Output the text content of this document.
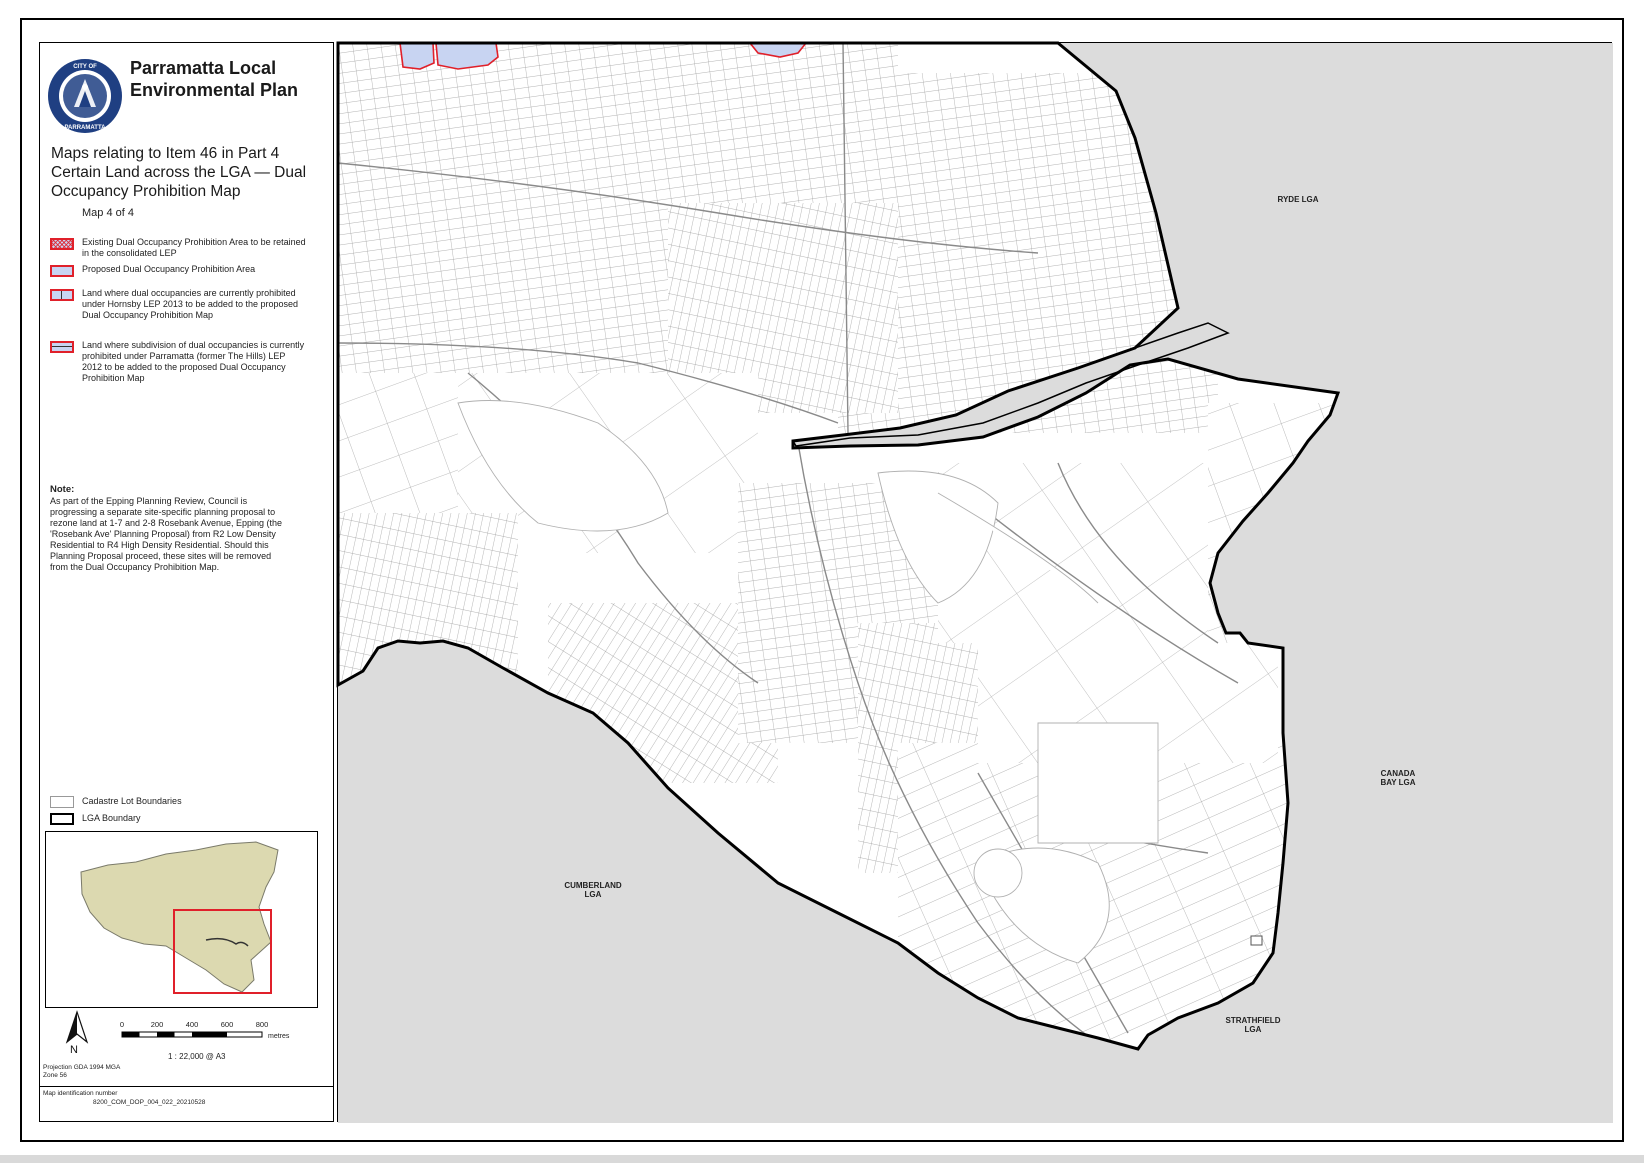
CITY OF
PARRAMATTA
Parramatta Local Environmental Plan
Maps relating to Item 46 in Part 4 Certain Land across the LGA — Dual Occupancy Prohibition Map
Map 4 of 4
Existing Dual Occupancy Prohibition Area to be retained in the consolidated LEP
Proposed Dual Occupancy Prohibition Area
Land where dual occupancies are currently prohibited under Hornsby LEP 2013 to be added to the proposed Dual Occupancy Prohibition Map
Land where subdivision of dual occupancies is currently prohibited under Parramatta (former The Hills) LEP 2012 to be added to the proposed Dual Occupancy Prohibition Map
Note:
As part of the Epping Planning Review, Council is progressing a separate site-specific planning proposal to rezone land at 1-7 and 2-8 Rosebank Avenue, Epping (the 'Rosebank Ave' Planning Proposal) from R2 Low Density Residential to R4 High Density Residential. Should this Planning Proposal proceed, these sites will be removed from the Dual Occupancy Prohibition Map.
Cadastre Lot Boundaries
LGA Boundary
N
Projection GDA 1994 MGA Zone 56
0	200	400	600	800
metres
1 : 22,000 @ A3
Map identification number
8200_COM_DOP_004_022_20210528
RYDE LGA
CANADA
BAY LGA
CUMBERLAND
LGA
STRATHFIELD
LGA
